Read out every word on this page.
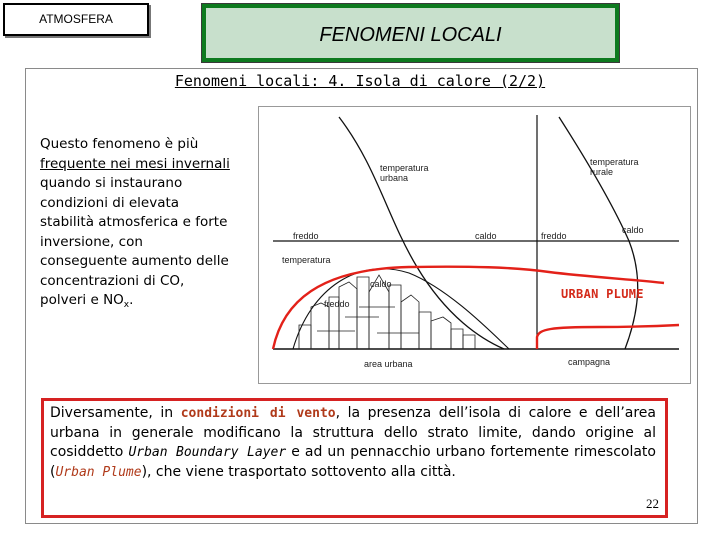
ATMOSFERA
FENOMENI LOCALI
Fenomeni locali: 4. Isola di calore (2/2)
Questo fenomeno è più frequente nei mesi invernali quando si instaurano condizioni di elevata stabilità atmosferica e forte inversione, con conseguente aumento delle concentrazioni di CO, polveri e $NO_x$.
temperatura urbana
temperatura rurale
freddo	caldo	freddo
caldo
temperatura
caldo
freddo
area urbana	campagna
URBAN PLUME
Diversamente, in condizioni di vento, la presenza dell’isola di calore e dell’area urbana in generale modificano la struttura dello strato limite, dando origine al cosiddetto Urban Boundary Layer e ad un pennacchio urbano fortemente rimescolato (Urban Plume), che viene trasportato sottovento alla città.
22
